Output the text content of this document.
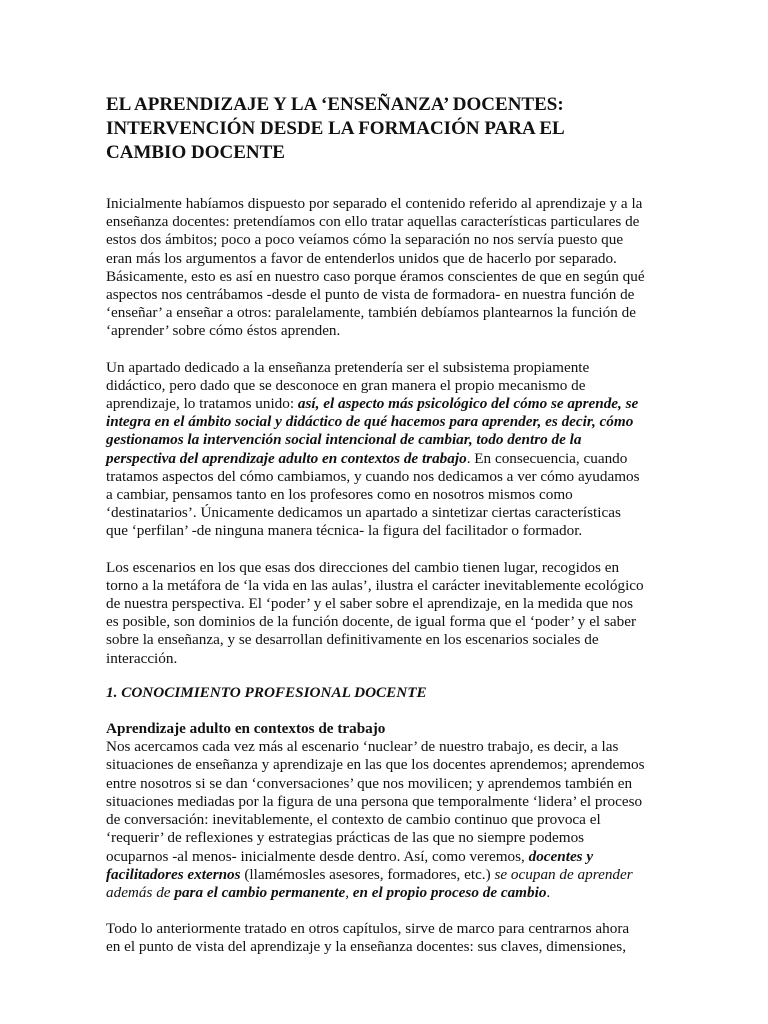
EL APRENDIZAJE Y LA ‘ENSEÑANZA’ DOCENTES: INTERVENCIÓN DESDE LA FORMACIÓN PARA EL CAMBIO DOCENTE

Inicialmente habíamos dispuesto por separado el contenido referido al aprendizaje y a la enseñanza docentes: pretendíamos con ello tratar aquellas características particulares de estos dos ámbitos; poco a poco veíamos cómo la separación no nos servía puesto que eran más los argumentos a favor de entenderlos unidos que de hacerlo por separado. Básicamente, esto es así en nuestro caso porque éramos conscientes de que en según qué aspectos nos centrábamos -desde el punto de vista de formadora- en nuestra función de ‘enseñar’ a enseñar a otros: paralelamente, también debíamos plantearnos la función de ‘aprender’ sobre cómo éstos aprenden.

Un apartado dedicado a la enseñanza pretendería ser el subsistema propiamente didáctico, pero dado que se desconoce en gran manera el propio mecanismo de aprendizaje, lo tratamos unido: así, el aspecto más psicológico del cómo se aprende, se integra en el ámbito social y didáctico de qué hacemos para aprender, es decir, cómo gestionamos la intervención social intencional de cambiar, todo dentro de la perspectiva del aprendizaje adulto en contextos de trabajo. En consecuencia, cuando tratamos aspectos del cómo cambiamos, y cuando nos dedicamos a ver cómo ayudamos a cambiar, pensamos tanto en los profesores como en nosotros mismos como ‘destinatarios’. Únicamente dedicamos un apartado a sintetizar ciertas características que ‘perfilan’ -de ninguna manera técnica- la figura del facilitador o formador.

Los escenarios en los que esas dos direcciones del cambio tienen lugar, recogidos en torno a la metáfora de ‘la vida en las aulas’, ilustra el carácter inevitablemente ecológico de nuestra perspectiva. El ‘poder’ y el saber sobre el aprendizaje, en la medida que nos es posible, son dominios de la función docente, de igual forma que el ‘poder’ y el saber sobre la enseñanza, y se desarrollan definitivamente en los escenarios sociales de interacción.

1. CONOCIMIENTO PROFESIONAL DOCENTE
Aprendizaje adulto en contextos de trabajo

Nos acercamos cada vez más al escenario ‘nuclear’ de nuestro trabajo, es decir, a las situaciones de enseñanza y aprendizaje en las que los docentes aprendemos; aprendemos entre nosotros si se dan ‘conversaciones’ que nos movilicen; y aprendemos también en situaciones mediadas por la figura de una persona que temporalmente ‘lidera’ el proceso de conversación: inevitablemente, el contexto de cambio continuo que provoca el ‘requerir’ de reflexiones y estrategias prácticas de las que no siempre podemos ocuparnos -al menos- inicialmente desde dentro. Así, como veremos, docentes y facilitadores externos (llamémosles asesores, formadores, etc.) se ocupan de aprender además de para el cambio permanente, en el propio proceso de cambio.

Todo lo anteriormente tratado en otros capítulos, sirve de marco para centrarnos ahora en el punto de vista del aprendizaje y la enseñanza docentes: sus claves, dimensiones,
